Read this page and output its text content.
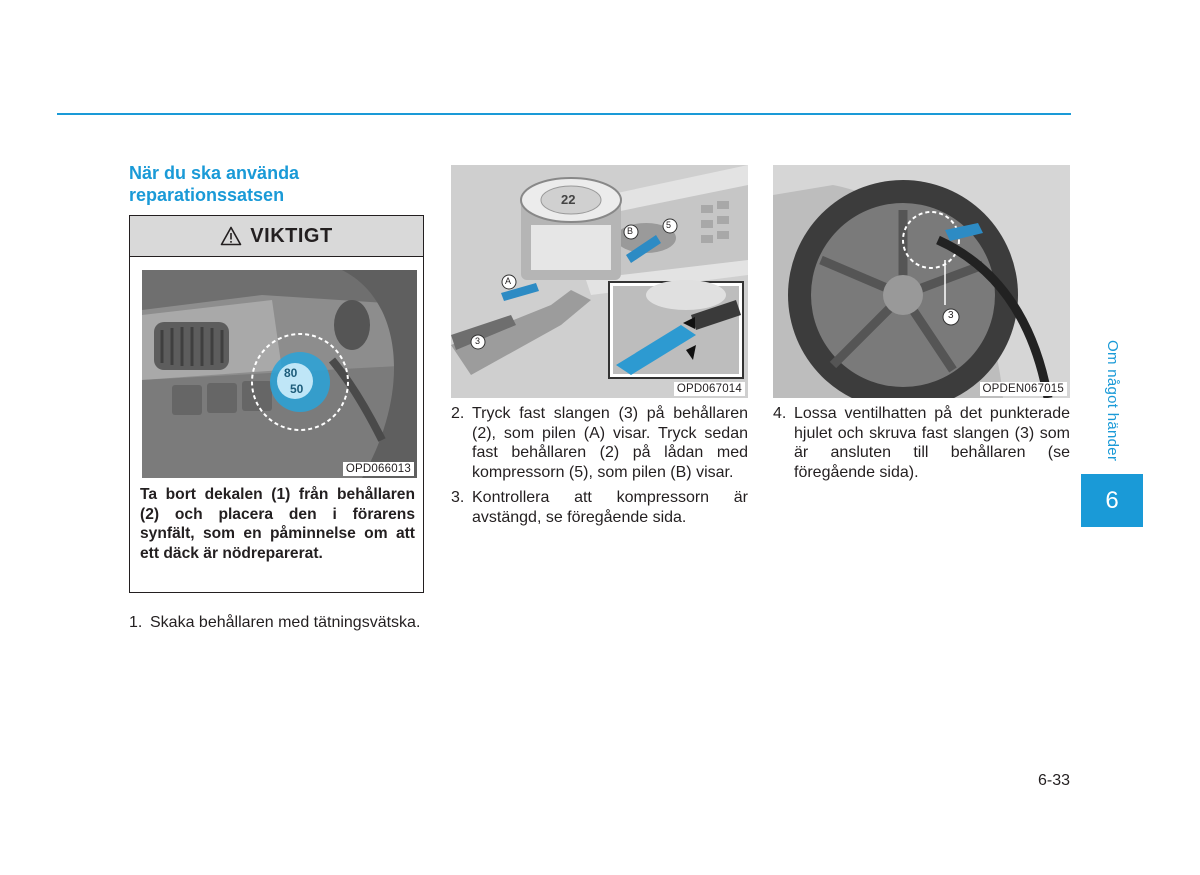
När du ska använda reparationssatsen
VIKTIGT
80
50
OPD066013
Ta bort dekalen (1) från behållaren (2) och placera den i förarens synfält, som en påminnelse om att ett däck är nödreparerat.
1. Skaka behållaren med tätningsvätska.
B
5
A
3
22
OPD067014
2. Tryck fast slangen (3) på behållaren (2), som pilen (A) visar. Tryck sedan fast behållaren (2) på lådan med kompressorn (5), som pilen (B) visar.
3. Kontrollera att kompressorn är avstängd, se föregående sida.
3
OPDEN067015
4. Lossa ventilhatten på det punkterade hjulet och skruva fast slangen (3) som är ansluten till behållaren (se föregående sida).
Om något händer
6
6-33
